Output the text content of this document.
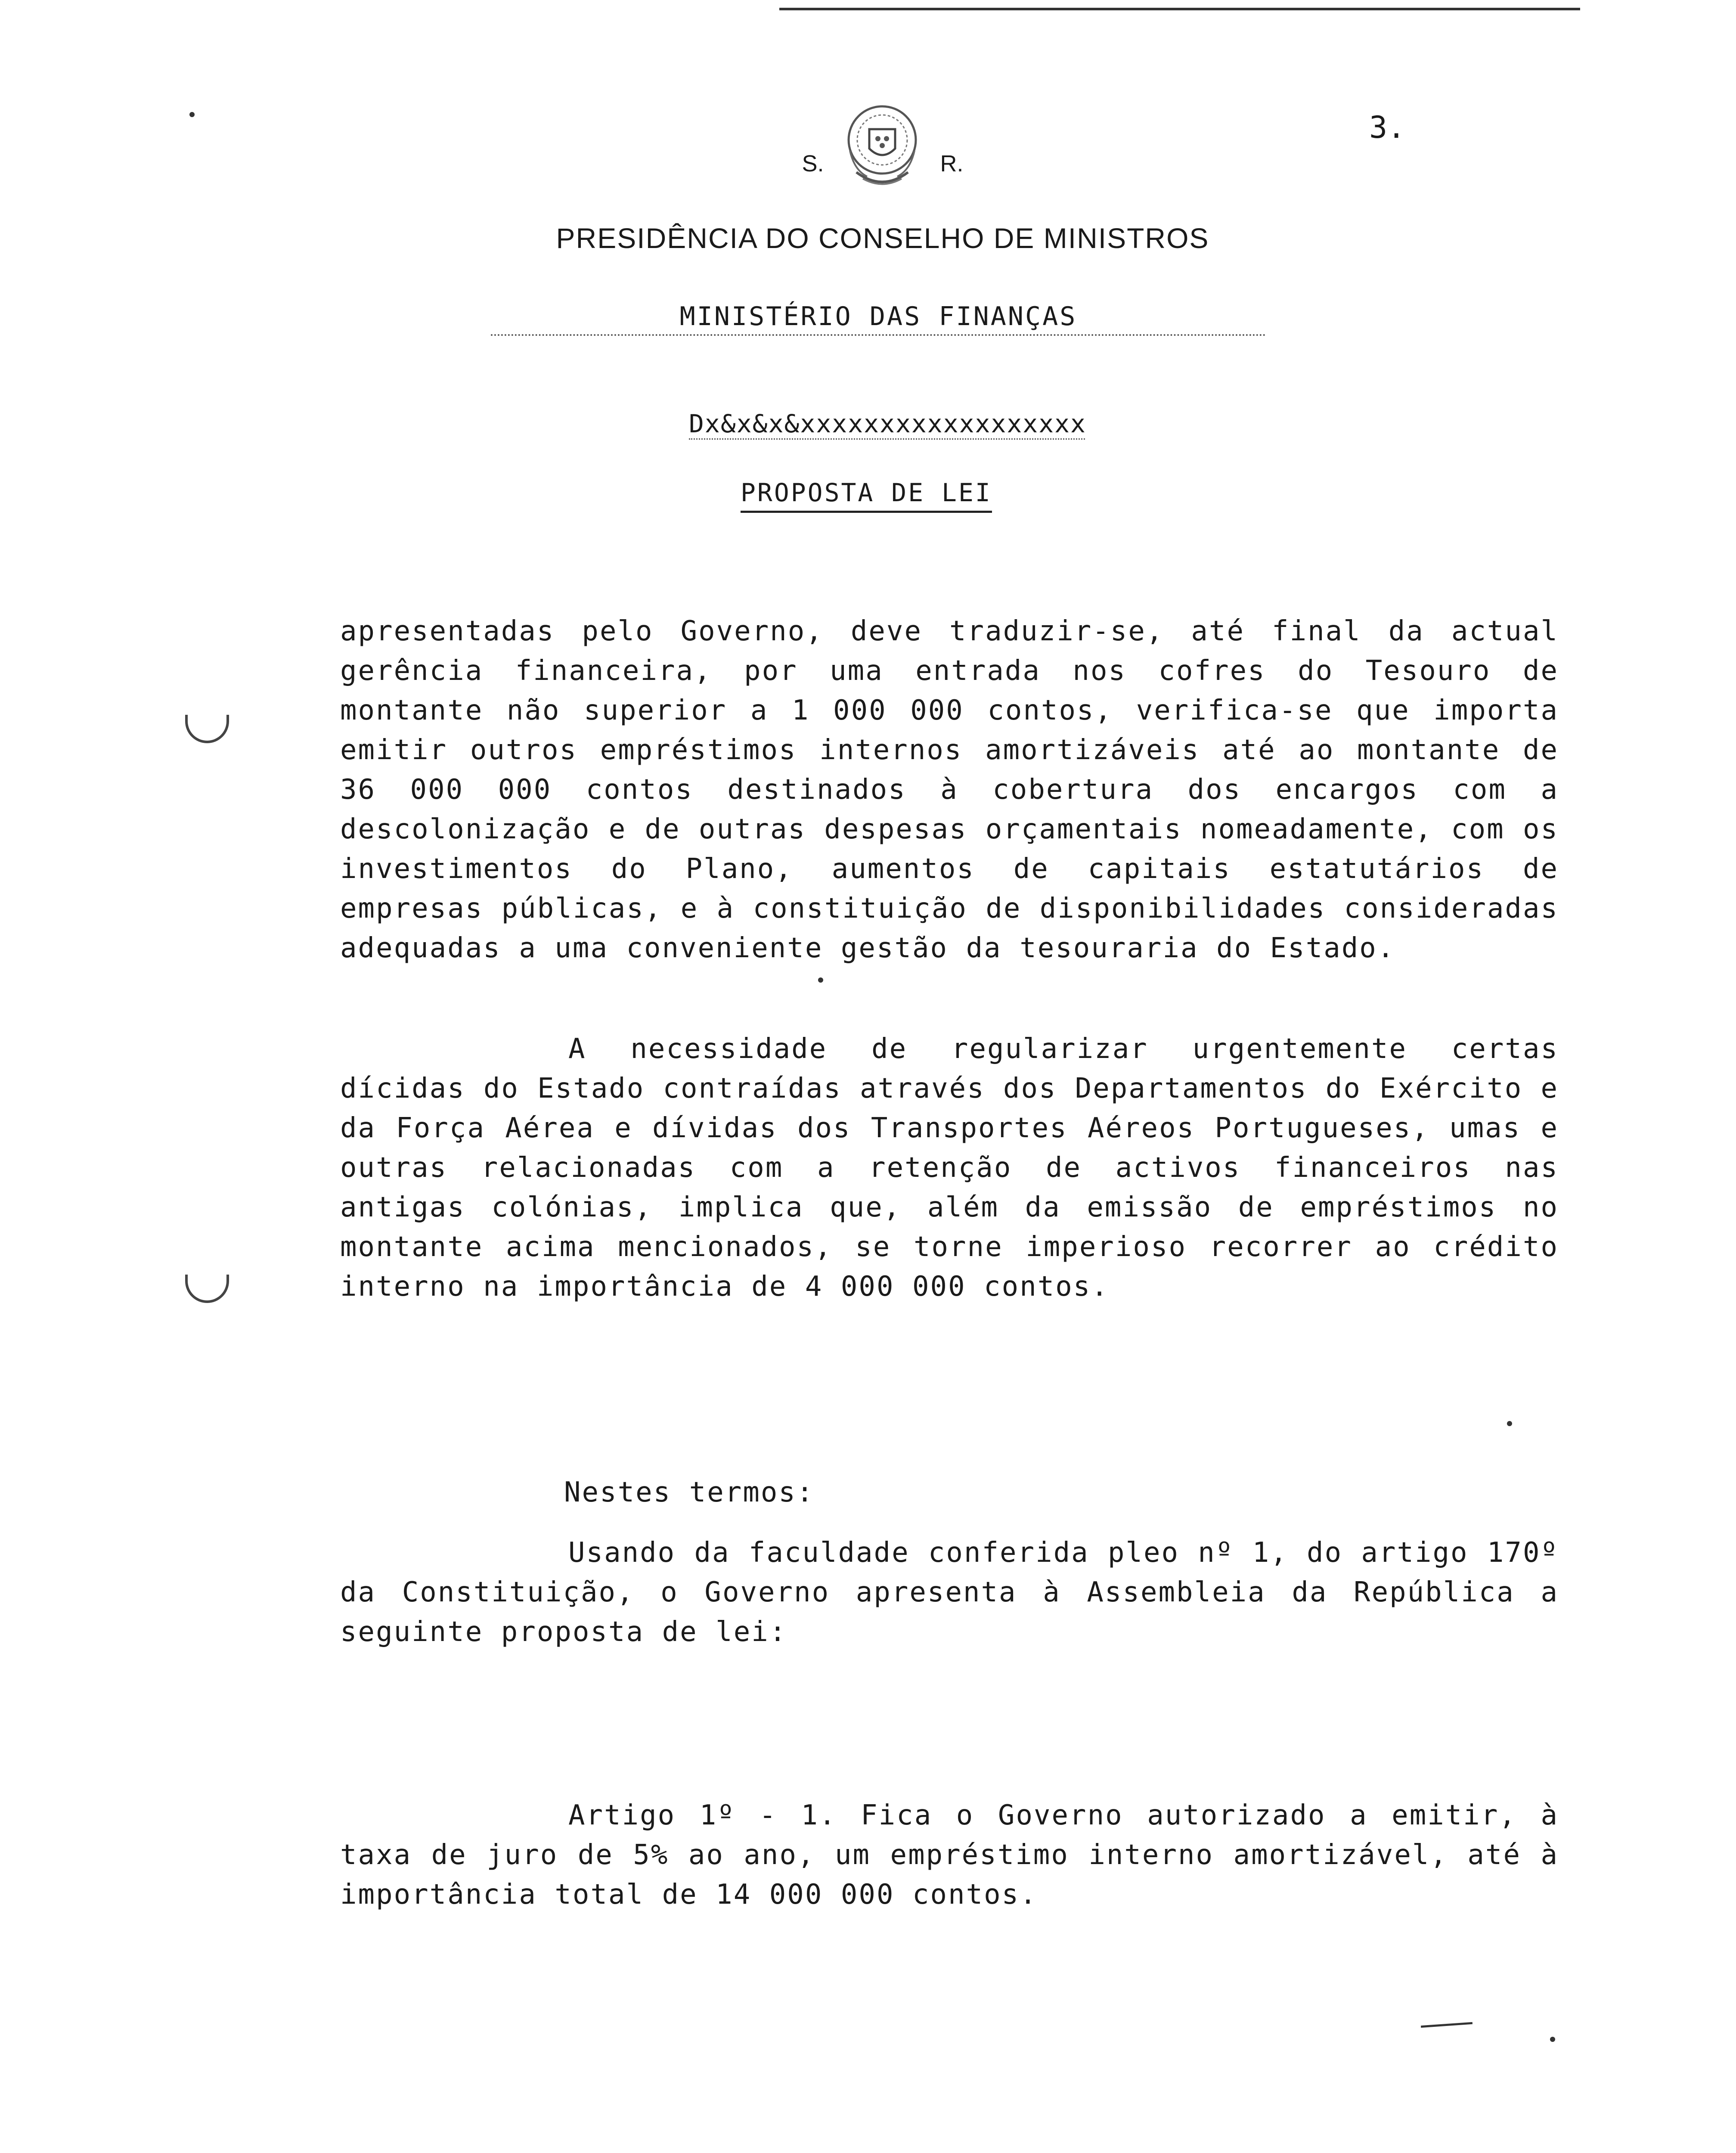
3.
S.	R.
PRESIDÊNCIA DO CONSELHO DE MINISTROS
MINISTÉRIO DAS FINANÇAS
Dx&x&x&xxxxxxxxxxxxxxxxxx
PROPOSTA DE LEI
apresentadas pelo Governo, deve traduzir-se, até final da actual gerência financeira, por uma entrada nos cofres do Tesouro de montante não superior a 1 000 000 contos, verifica-se que importa emitir outros empréstimos internos amortizáveis até ao montante de 36 000 000 contos destinados à cobertura dos encargos com a descolonização e de outras despesas orçamentais nomeadamente, com os investimentos do Plano, aumentos de capitais estatutários de empresas públicas, e à constituição de disponibilidades consideradas adequadas a uma conveniente gestão da tesouraria do Estado.
A necessidade de regularizar urgentemente certas dícidas do Estado contraídas através dos Departamentos do Exército e da Força Aérea e dívidas dos Transportes Aéreos Portugueses, umas e outras relacionadas com a retenção de activos financeiros nas antigas colónias, implica que, além da emissão de empréstimos no montante acima mencionados, se torne imperioso recorrer ao crédito interno na importância de 4 000 000 contos.
Nestes termos:
Usando da faculdade conferida pleo nº 1, do artigo 170º da Constituição, o Governo apresenta à Assembleia da República a seguinte proposta de lei:
Artigo 1º - 1. Fica o Governo autorizado a emitir, à taxa de juro de 5% ao ano, um empréstimo interno amortizável, até à importância total de 14 000 000 contos.
